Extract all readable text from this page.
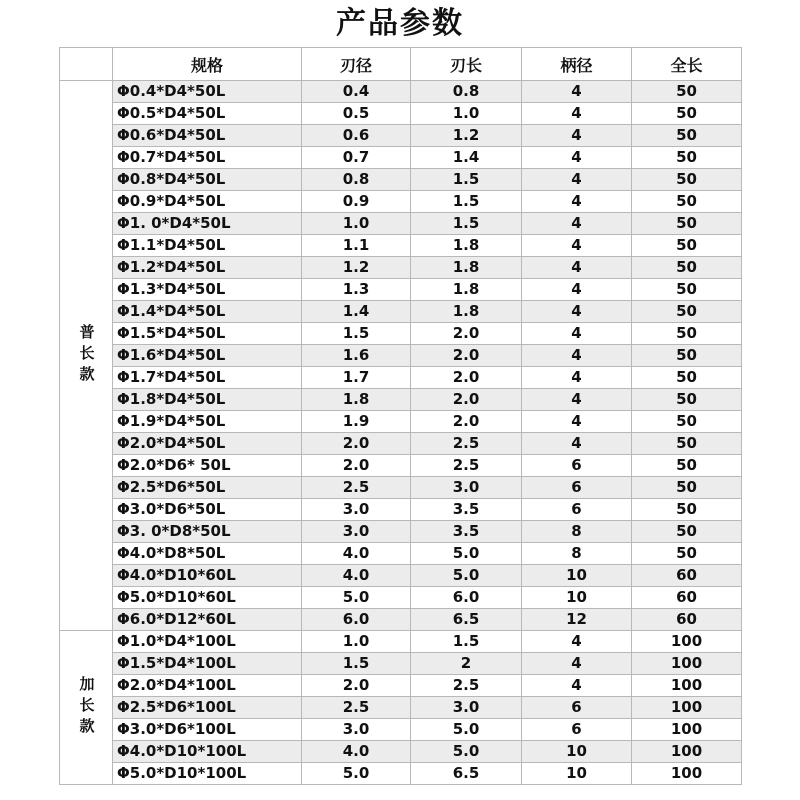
产品参数
	规格	刃径	刃长	柄径	全长
普长款	Φ0.4*D4*50L	0.4	0.8	4	50
	Φ0.5*D4*50L	0.5	1.0	4	50
	Φ0.6*D4*50L	0.6	1.2	4	50
	Φ0.7*D4*50L	0.7	1.4	4	50
	Φ0.8*D4*50L	0.8	1.5	4	50
	Φ0.9*D4*50L	0.9	1.5	4	50
	Φ1. 0*D4*50L	1.0	1.5	4	50
	Φ1.1*D4*50L	1.1	1.8	4	50
	Φ1.2*D4*50L	1.2	1.8	4	50
	Φ1.3*D4*50L	1.3	1.8	4	50
	Φ1.4*D4*50L	1.4	1.8	4	50
	Φ1.5*D4*50L	1.5	2.0	4	50
	Φ1.6*D4*50L	1.6	2.0	4	50
	Φ1.7*D4*50L	1.7	2.0	4	50
	Φ1.8*D4*50L	1.8	2.0	4	50
	Φ1.9*D4*50L	1.9	2.0	4	50
	Φ2.0*D4*50L	2.0	2.5	4	50
	Φ2.0*D6* 50L	2.0	2.5	6	50
	Φ2.5*D6*50L	2.5	3.0	6	50
	Φ3.0*D6*50L	3.0	3.5	6	50
	Φ3. 0*D8*50L	3.0	3.5	8	50
	Φ4.0*D8*50L	4.0	5.0	8	50
	Φ4.0*D10*60L	4.0	5.0	10	60
	Φ5.0*D10*60L	5.0	6.0	10	60
	Φ6.0*D12*60L	6.0	6.5	12	60
加长款	Φ1.0*D4*100L	1.0	1.5	4	100
	Φ1.5*D4*100L	1.5	2	4	100
	Φ2.0*D4*100L	2.0	2.5	4	100
	Φ2.5*D6*100L	2.5	3.0	6	100
	Φ3.0*D6*100L	3.0	5.0	6	100
	Φ4.0*D10*100L	4.0	5.0	10	100
	Φ5.0*D10*100L	5.0	6.5	10	100
